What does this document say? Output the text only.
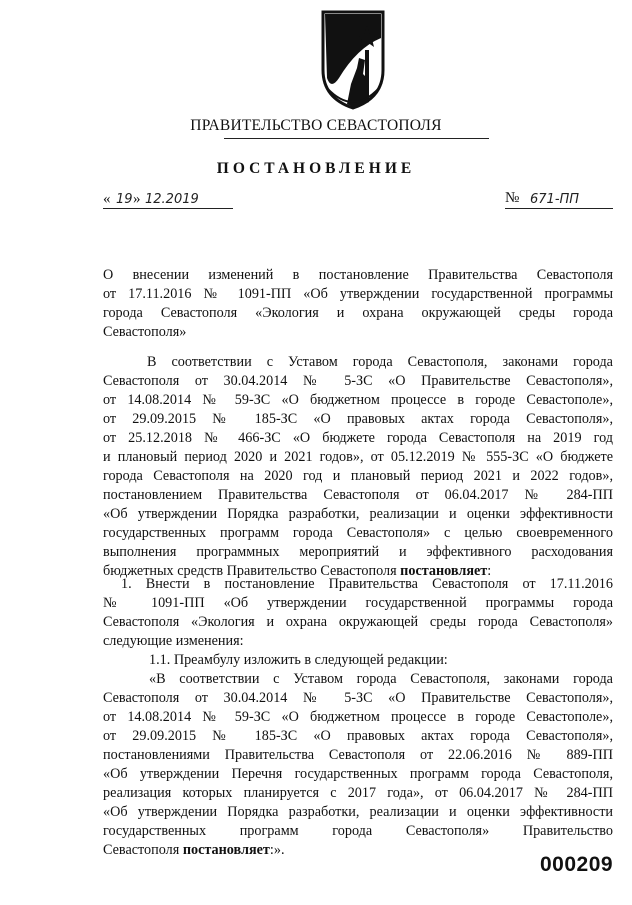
ПРАВИТЕЛЬСТВО СЕВАСТОПОЛЯ
ПОСТАНОВЛЕНИЕ
« 19 » 12.2019	№ 671-ПП
О внесении изменений в постановление Правительства Севастополя
от 17.11.2016 № 1091-ПП «Об утверждении государственной программы
города Севастополя «Экология и охрана окружающей среды города
Севастополя»
В соответствии с Уставом города Севастополя, законами города
Севастополя от 30.04.2014 № 5-ЗС «О Правительстве Севастополя»,
от 14.08.2014 № 59-ЗС «О бюджетном процессе в городе Севастополе»,
от 29.09.2015 № 185-ЗС «О правовых актах города Севастополя»,
от 25.12.2018 № 466-ЗС «О бюджете города Севастополя на 2019 год
и плановый период 2020 и 2021 годов», от 05.12.2019 № 555-ЗС «О бюджете
города Севастополя на 2020 год и плановый период 2021 и 2022 годов»,
постановлением Правительства Севастополя от 06.04.2017 № 284-ПП
«Об утверждении Порядка разработки, реализации и оценки эффективности
государственных программ города Севастополя» с целью своевременного
выполнения программных мероприятий и эффективного расходования
бюджетных средств Правительство Севастополя постановляет:
1. Внести в постановление Правительства Севастополя от 17.11.2016
№ 1091-ПП «Об утверждении государственной программы города
Севастополя «Экология и охрана окружающей среды города Севастополя»
следующие изменения:
1.1. Преамбулу изложить в следующей редакции:
«В соответствии с Уставом города Севастополя, законами города
Севастополя от 30.04.2014 № 5-ЗС «О Правительстве Севастополя»,
от 14.08.2014 № 59-ЗС «О бюджетном процессе в городе Севастополе»,
от 29.09.2015 № 185-ЗС «О правовых актах города Севастополя»,
постановлениями Правительства Севастополя от 22.06.2016 № 889-ПП
«Об утверждении Перечня государственных программ города Севастополя,
реализация которых планируется с 2017 года», от 06.04.2017 № 284-ПП
«Об утверждении Порядка разработки, реализации и оценки эффективности
государственных программ города Севастополя» Правительство
Севастополя постановляет:».
000209
